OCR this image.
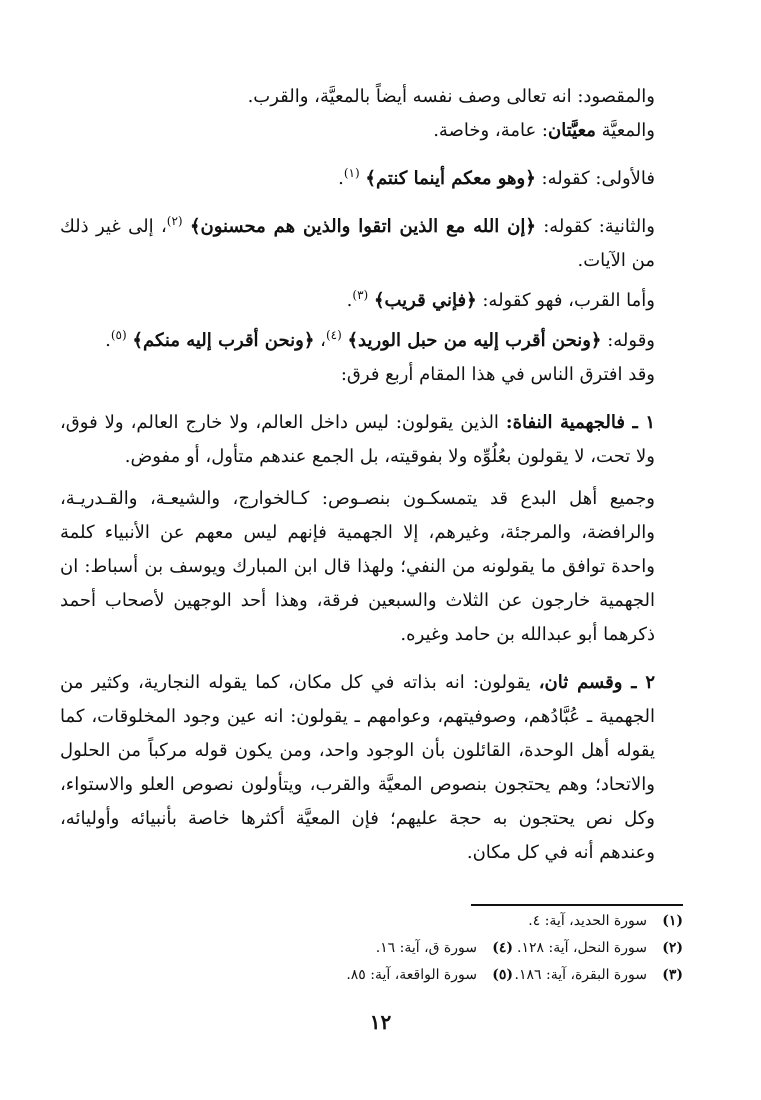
والمقصود: انه تعالى وصف نفسه أيضاً بالمعيَّة، والقرب.

والمعيَّة معيَّتان: عامة، وخاصة.

فالأولى: كقوله: ﴿وهو معكم أينما كنتم﴾ $^{(١)}$.

والثانية: كقوله: ﴿إن الله مع الذين اتقوا والذين هم محسنون﴾ $^{(٢)}$، إلى غير ذلك من الآيات.

وأما القرب، فهو كقوله: ﴿فإني قريب﴾ $^{(٣)}$.

وقوله: ﴿ونحن أقرب إليه من حبل الوريد﴾ $^{(٤)}$، ﴿ونحن أقرب إليه منكم﴾ $^{(٥)}$.

وقد افترق الناس في هذا المقام أربع فرق:

١ ـ فالجهمية النفاة: الذين يقولون: ليس داخل العالم، ولا خارج العالم، ولا فوق، ولا تحت، لا يقولون بعُلُوِّه ولا بفوقيته، بل الجمع عندهم متأول، أو مفوض.

وجميع أهل البدع قد يتمسكـون بنصـوص: كـالخوارج، والشيعـة، والقـدريـة، والرافضة، والمرجئة، وغيرهم، إلا الجهمية فإنهم ليس معهم عن الأنبياء كلمة واحدة توافق ما يقولونه من النفي؛ ولهذا قال ابن المبارك ويوسف بن أسباط: ان الجهمية خارجون عن الثلاث والسبعين فرقة، وهذا أحد الوجهين لأصحاب أحمد ذكرهما أبو عبدالله بن حامد وغيره.

٢ ـ وقسم ثان، يقولون: انه بذاته في كل مكان، كما يقوله النجارية، وكثير من الجهمية ـ عُبَّادُهم، وصوفيتهم، وعوامهم ـ يقولون: انه عين وجود المخلوقات، كما يقوله أهل الوحدة، القائلون بأن الوجود واحد، ومن يكون قوله مركباً من الحلول والاتحاد؛ وهم يحتجون بنصوص المعيَّة والقرب، ويتأولون نصوص العلو والاستواء، وكل نص يحتجون به حجة عليهم؛ فإن المعيَّة أكثرها خاصة بأنبيائه وأوليائه، وعندهم أنه في كل مكان.

(١)
سورة الحديد، آية: ٤.
(٢)
سورة النحل، آية: ١٢٨.
(٤)
سورة ق، آية: ١٦.
(٣)
سورة البقرة، آية: ١٨٦.
(٥)
سورة الواقعة، آية: ٨٥.
١٢
